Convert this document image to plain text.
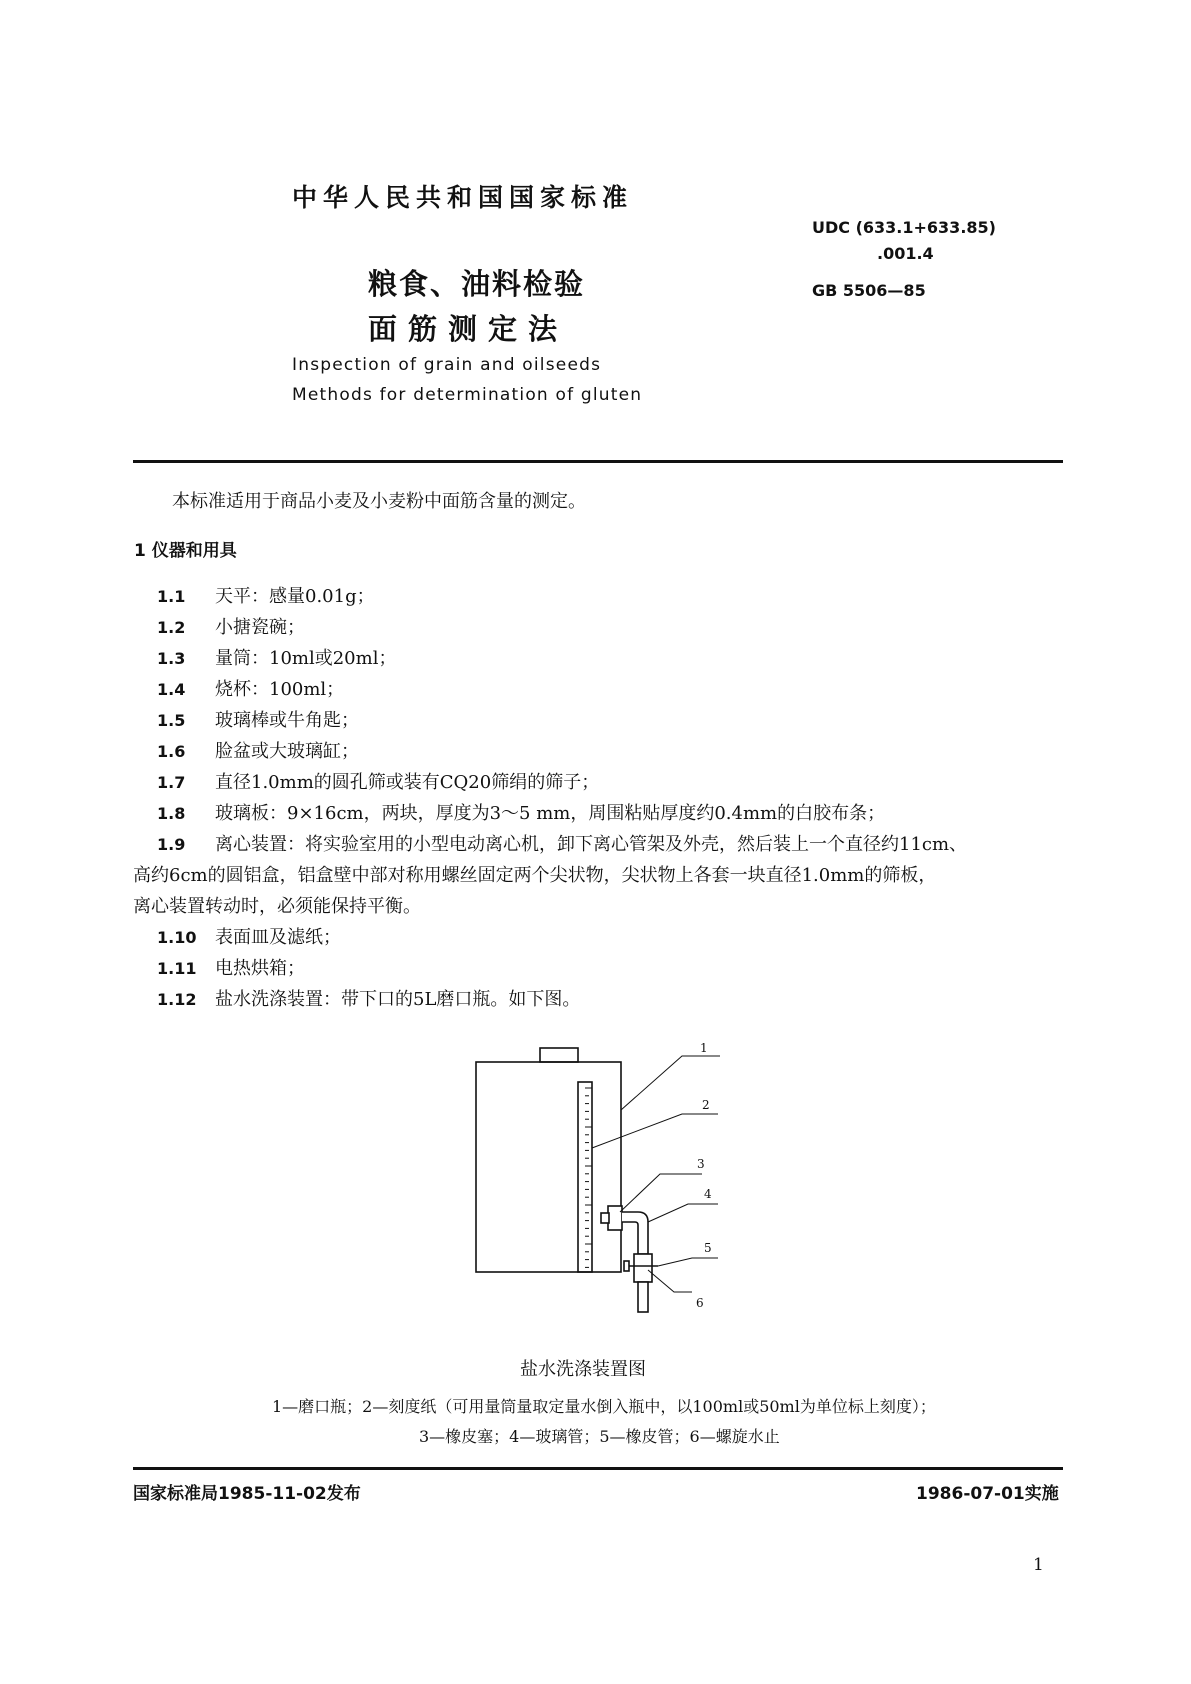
中华人民共和国国家标准
UDC (633.1+633.85)
.001.4
GB 5506—85
粮食、油料检验
面筋测定法
Inspection of grain and oilseeds
Methods for determination of gluten
本标准适用于商品小麦及小麦粉中面筋含量的测定。
1 仪器和用具
1.1 天平：感量0.01g；
1.2 小搪瓷碗；
1.3 量筒：10ml或20ml；
1.4 烧杯：100ml；
1.5 玻璃棒或牛角匙；
1.6 脸盆或大玻璃缸；
1.7 直径1.0mm的圆孔筛或装有CQ20筛绢的筛子；
1.8 玻璃板：9×16cm，两块，厚度为3～5 mm，周围粘贴厚度约0.4mm的白胶布条；
1.9 离心装置：将实验室用的小型电动离心机，卸下离心管架及外壳，然后装上一个直径约11cm、
高约6cm的圆铝盒，铝盒壁中部对称用螺丝固定两个尖状物，尖状物上各套一块直径1.0mm的筛板，
离心装置转动时，必须能保持平衡。
1.10 表面皿及滤纸；
1.11 电热烘箱；
1.12 盐水洗涤装置：带下口的5L磨口瓶。如下图。
1
2
3
4
5
6
盐水洗涤装置图
1—磨口瓶；2—刻度纸（可用量筒量取定量水倒入瓶中，以100ml或50ml为单位标上刻度）；
3—橡皮塞；4—玻璃管；5—橡皮管；6—螺旋水止
国家标准局1985-11-02发布	1986-07-01实施
1
